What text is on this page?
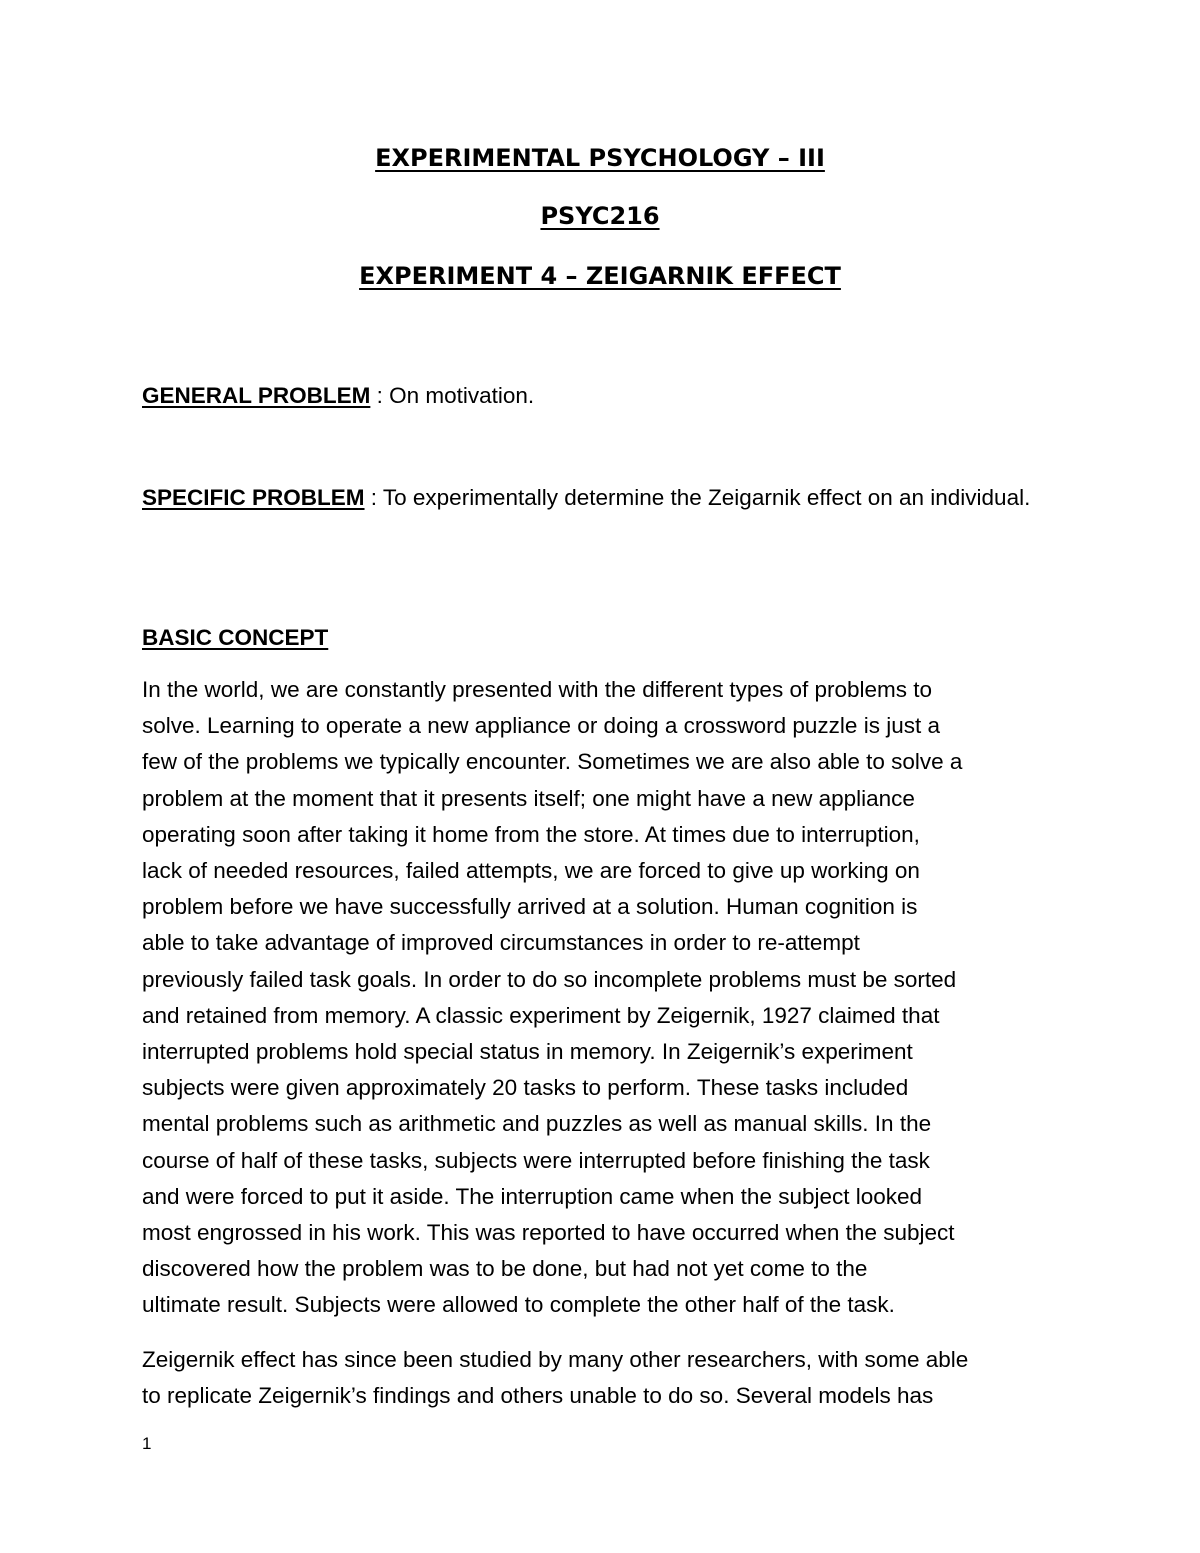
EXPERIMENTAL PSYCHOLOGY – III
PSYC216
EXPERIMENT 4 – ZEIGARNIK EFFECT

GENERAL PROBLEM : On motivation.

SPECIFIC PROBLEM : To experimentally determine the Zeigarnik effect on an individual.

BASIC CONCEPT

In the world, we are constantly presented with the different types of problems to
solve. Learning to operate a new appliance or doing a crossword puzzle is just a
few of the problems we typically encounter. Sometimes we are also able to solve a
problem at the moment that it presents itself; one might have a new appliance
operating soon after taking it home from the store. At times due to interruption,
lack of needed resources, failed attempts, we are forced to give up working on
problem before we have successfully arrived at a solution. Human cognition is
able to take advantage of improved circumstances in order to re-attempt
previously failed task goals. In order to do so incomplete problems must be sorted
and retained from memory. A classic experiment by Zeigernik, 1927 claimed that
interrupted problems hold special status in memory. In Zeigernik’s experiment
subjects were given approximately 20 tasks to perform. These tasks included
mental problems such as arithmetic and puzzles as well as manual skills. In the
course of half of these tasks, subjects were interrupted before finishing the task
and were forced to put it aside. The interruption came when the subject looked
most engrossed in his work. This was reported to have occurred when the subject
discovered how the problem was to be done, but had not yet come to the
ultimate result. Subjects were allowed to complete the other half of the task.

Zeigernik effect has since been studied by many other researchers, with some able
to replicate Zeigernik’s findings and others unable to do so. Several models has

1
